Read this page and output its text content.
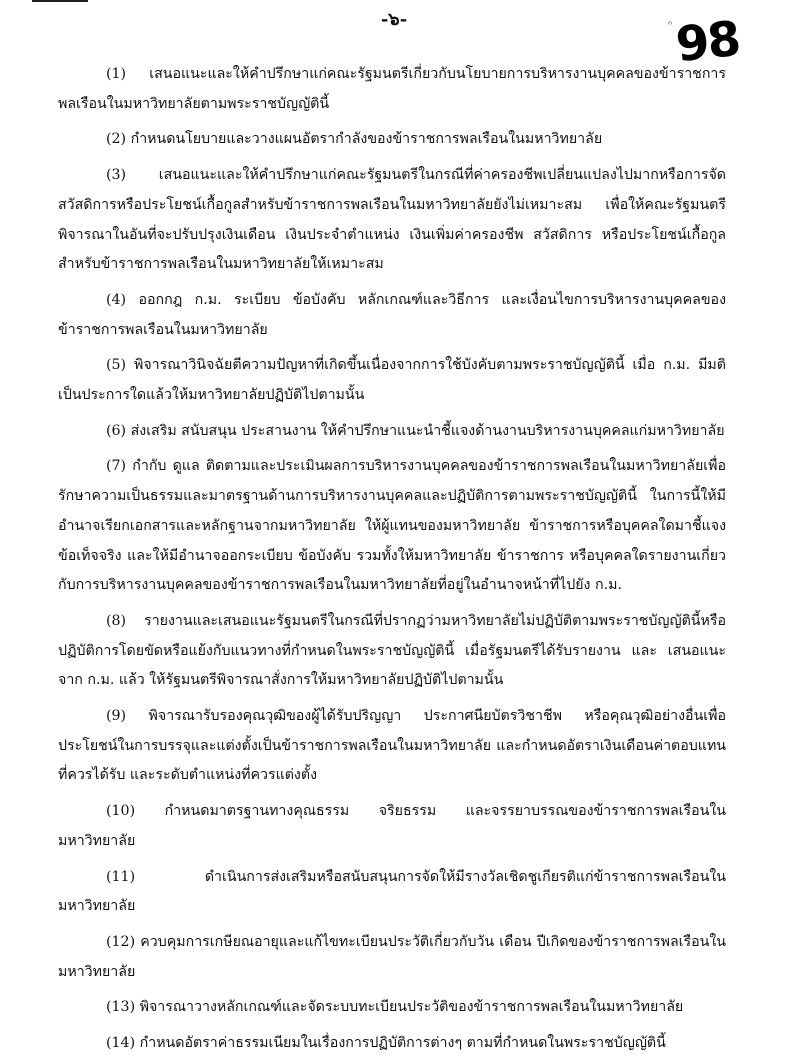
-๖-	ⁿ 98

(1) เสนอแนะและให้คำปรึกษาแก่คณะรัฐมนตรีเกี่ยวกับนโยบายการบริหารงานบุคคลของข้าราชการพลเรือนในมหาวิทยาลัยตามพระราชบัญญัตินี้

(2) กำหนดนโยบายและวางแผนอัตรากำลังของข้าราชการพลเรือนในมหาวิทยาลัย

(3) เสนอแนะและให้คำปรึกษาแก่คณะรัฐมนตรีในกรณีที่ค่าครองชีพเปลี่ยนแปลงไปมากหรือการจัดสวัสดิการหรือประโยชน์เกื้อกูลสำหรับข้าราชการพลเรือนในมหาวิทยาลัยยังไม่เหมาะสม เพื่อให้คณะรัฐมนตรีพิจารณาในอันที่จะปรับปรุงเงินเดือน เงินประจำตำแหน่ง เงินเพิ่มค่าครองชีพ สวัสดิการ หรือประโยชน์เกื้อกูลสำหรับข้าราชการพลเรือนในมหาวิทยาลัยให้เหมาะสม

(4) ออกกฎ ก.ม. ระเบียบ ข้อบังคับ หลักเกณฑ์และวิธีการ และเงื่อนไขการบริหารงานบุคคลของข้าราชการพลเรือนในมหาวิทยาลัย

(5) พิจารณาวินิจฉัยตีความปัญหาที่เกิดขึ้นเนื่องจากการใช้บังคับตามพระราชบัญญัตินี้ เมื่อ ก.ม. มีมติเป็นประการใดแล้วให้มหาวิทยาลัยปฏิบัติไปตามนั้น

(6) ส่งเสริม สนับสนุน ประสานงาน ให้คำปรึกษาแนะนำชี้แจงด้านงานบริหารงานบุคคลแก่มหาวิทยาลัย

(7) กำกับ ดูแล ติดตามและประเมินผลการบริหารงานบุคคลของข้าราชการพลเรือนในมหาวิทยาลัยเพื่อรักษาความเป็นธรรมและมาตรฐานด้านการบริหารงานบุคคลและปฏิบัติการตามพระราชบัญญัตินี้ ในการนี้ให้มีอำนาจเรียกเอกสารและหลักฐานจากมหาวิทยาลัย ให้ผู้แทนของมหาวิทยาลัย ข้าราชการหรือบุคคลใดมาชี้แจงข้อเท็จจริง และให้มีอำนาจออกระเบียบ ข้อบังคับ รวมทั้งให้มหาวิทยาลัย ข้าราชการ หรือบุคคลใดรายงานเกี่ยวกับการบริหารงานบุคคลของข้าราชการพลเรือนในมหาวิทยาลัยที่อยู่ในอำนาจหน้าที่ไปยัง ก.ม.

(8) รายงานและเสนอแนะรัฐมนตรีในกรณีที่ปรากฏว่ามหาวิทยาลัยไม่ปฏิบัติตามพระราชบัญญัตินี้หรือปฏิบัติการโดยขัดหรือแย้งกับแนวทางที่กำหนดในพระราชบัญญัตินี้ เมื่อรัฐมนตรีได้รับรายงาน และ เสนอแนะจาก ก.ม. แล้ว ให้รัฐมนตรีพิจารณาสั่งการให้มหาวิทยาลัยปฏิบัติไปตามนั้น

(9) พิจารณารับรองคุณวุฒิของผู้ได้รับปริญญา ประกาศนียบัตรวิชาชีพ หรือคุณวุฒิอย่างอื่นเพื่อประโยชน์ในการบรรจุและแต่งตั้งเป็นข้าราชการพลเรือนในมหาวิทยาลัย และกำหนดอัตราเงินเดือนค่าตอบแทนที่ควรได้รับ และระดับตำแหน่งที่ควรแต่งตั้ง

(10) กำหนดมาตรฐานทางคุณธรรม จริยธรรม และจรรยาบรรณของข้าราชการพลเรือนในมหาวิทยาลัย

(11) ดำเนินการส่งเสริมหรือสนับสนุนการจัดให้มีรางวัลเชิดชูเกียรติแก่ข้าราชการพลเรือนในมหาวิทยาลัย

(12) ควบคุมการเกษียณอายุและแก้ไขทะเบียนประวัติเกี่ยวกับวัน เดือน ปีเกิดของข้าราชการพลเรือนในมหาวิทยาลัย

(13) พิจารณาวางหลักเกณฑ์และจัดระบบทะเบียนประวัติของข้าราชการพลเรือนในมหาวิทยาลัย

(14) กำหนดอัตราค่าธรรมเนียมในเรื่องการปฏิบัติการต่างๆ ตามที่กำหนดในพระราชบัญญัตินี้
